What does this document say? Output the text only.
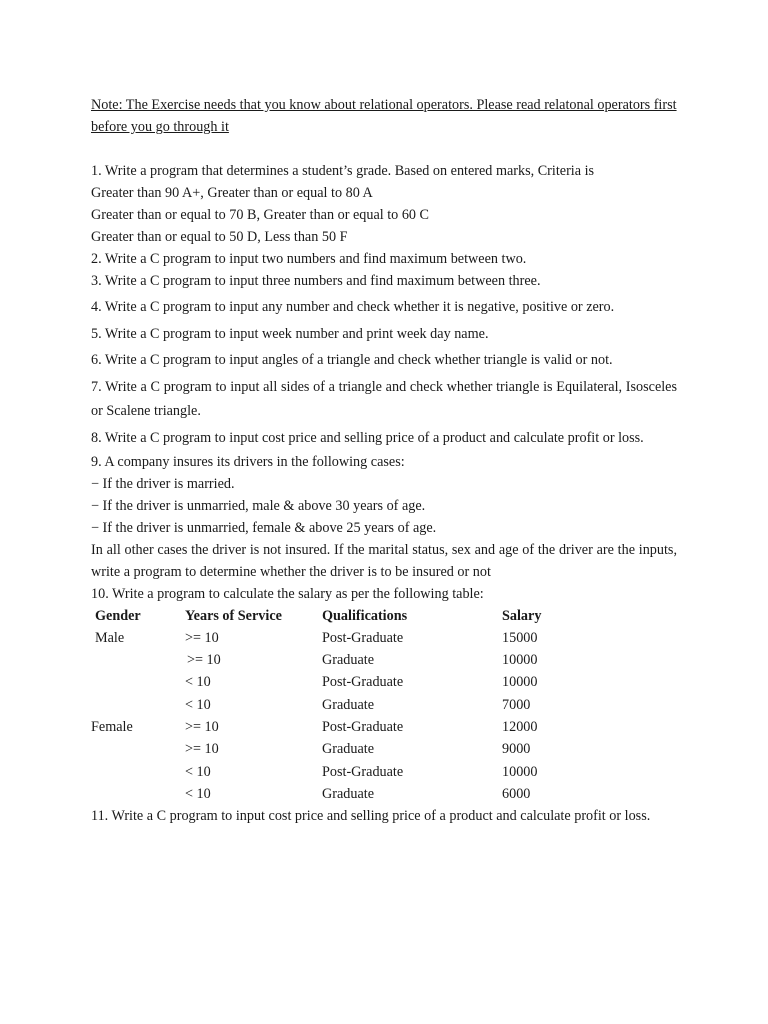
Note: The Exercise needs that you know about relational operators. Please read relatonal operators first before you go through it

1. Write a program that determines a student’s grade. Based on entered marks, Criteria is

Greater than 90 A+, Greater than or equal to 80 A

Greater than or equal to 70 B, Greater than or equal to 60 C

Greater than or equal to 50 D, Less than 50 F

2. Write a C program to input two numbers and find maximum between two.

3. Write a C program to input three numbers and find maximum between three.

4. Write a C program to input any number and check whether it is negative, positive or zero.

5. Write a C program to input week number and print week day name.

6. Write a C program to input angles of a triangle and check whether triangle is valid or not.

7. Write a C program to input all sides of a triangle and check whether triangle is Equilateral, Isosceles or Scalene triangle.

8. Write a C program to input cost price and selling price of a product and calculate profit or loss.

9. A company insures its drivers in the following cases:

− If the driver is married.

− If the driver is unmarried, male & above 30 years of age.

− If the driver is unmarried, female & above 25 years of age.

In all other cases the driver is not insured. If the marital status, sex and age of the driver are the inputs, write a program to determine whether the driver is to be insured or not

10. Write a program to calculate the salary as per the following table:

Gender	Years of Service	Qualifications	Salary
Male	>= 10	Post-Graduate	15000
	>= 10	Graduate	10000
	< 10	Post-Graduate	10000
	< 10	Graduate	7000
Female	>= 10	Post-Graduate	12000
	>= 10	Graduate	9000
	< 10	Post-Graduate	10000
	< 10	Graduate	6000

11. Write a C program to input cost price and selling price of a product and calculate profit or loss.
